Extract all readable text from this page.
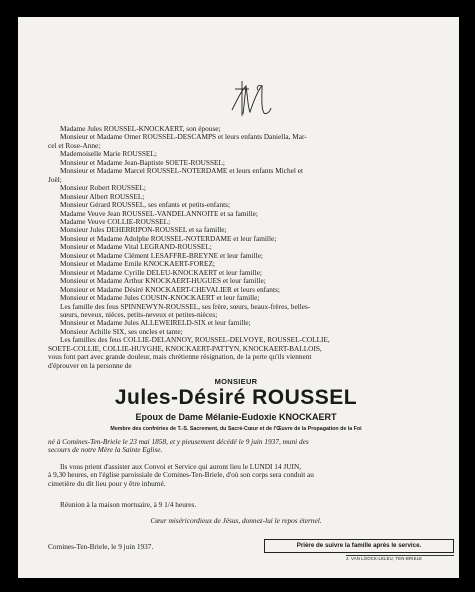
Madame Jules ROUSSEL-KNOCKAERT, son épouse;
Monsieur et Madame Omer ROUSSEL-DESCAMPS et leurs enfants Daniella, Mar-
cel et Rose-Anne;
Mademoiselle Marie ROUSSEL;
Monsieur et Madame Jean-Baptiste SOETE-ROUSSEL;
Monsieur et Madame Marcel ROUSSEL-NOTERDAME et leurs enfants Michel et
Joël;
Monsieur Robert ROUSSEL;
Monsieur Albert ROUSSEL;
Monsieur Gérard ROUSSEL, ses enfants et petits-enfants;
Madame Veuve Jean ROUSSEL-VANDELANNOITE et sa famille;
Madame Veuve COLLIE-ROUSSEL;
Monsieur Jules DEHERRIPON-ROUSSEL et sa famille;
Monsieur et Madame Adolphe ROUSSEL-NOTERDAME et leur famille;
Monsieur et Madame Vital LEGRAND-ROUSSEL;
Monsieur et Madame Clément LESAFFRE-BREYNE et leur famille;
Monsieur et Madame Emile KNOCKAERT-FOREZ;
Monsieur et Madame Cyrille DELEU-KNOCKAERT et leur famille;
Monsieur et Madame Arthur KNOCKAERT-HUGUES et leur famille;
Monsieur et Madame Désiré KNOCKAERT-CHEVALIER et leurs enfants;
Monsieur et Madame Jules COUSIN-KNOCKAERT et leur famille;
Les famille des feus SPINNEWYN-ROUSSEL, ses frère, sœurs, beaux-frères, belles-
sœurs, neveux, nièces, petits-neveux et petites-nièces;
Monsieur et Madame Jules ALLEWEIRELD-SIX et leur famille;
Monsieur Achille SIX, ses oncles et tante;
Les familles des feus COLLIE-DELANNOY, ROUSSEL-DELVOYE, ROUSSEL-COLLIE,
SOETE-COLLIE, COLLIE-HUYGHE, KNOCKAERT-PATTYN, KNOCKAERT-BALLOIS,
vous font part avec grande douleur, mais chrétienne résignation, de la perte qu'ils viennent
d'éprouver en la personne de
MONSIEUR
Jules-Désiré ROUSSEL
Epoux de Dame Mélanie-Eudoxie KNOCKAERT
Membre des confréries de T.-S. Sacrement, du Sacré-Cœur et de l'Œuvre de la Propagation de la Foi
né à Comines-Ten-Briele le 23 mai 1858, et y pieusement décédé le 9 juin 1937, muni des
secours de notre Mère la Sainte Eglise.
Ils vous prient d'assister aux Convoi et Service qui auront lieu le LUNDI 14 JUIN,
à 9,30 heures, en l'église paroissiale de Comines-Ten-Briele, d'où son corps sera conduit au
cimetière du dit lieu pour y être inhumé.
Réunion à la maison mortuaire, à 9 1/4 heures.
Cœur miséricordieux de Jésus, donnez-lui le repos éternel.
Comines-Ten-Briele, le 9 juin 1937.	Prière de suivre la famille après le service.
J. VAN LOOCK-LELEU, TEN-BRIELE
